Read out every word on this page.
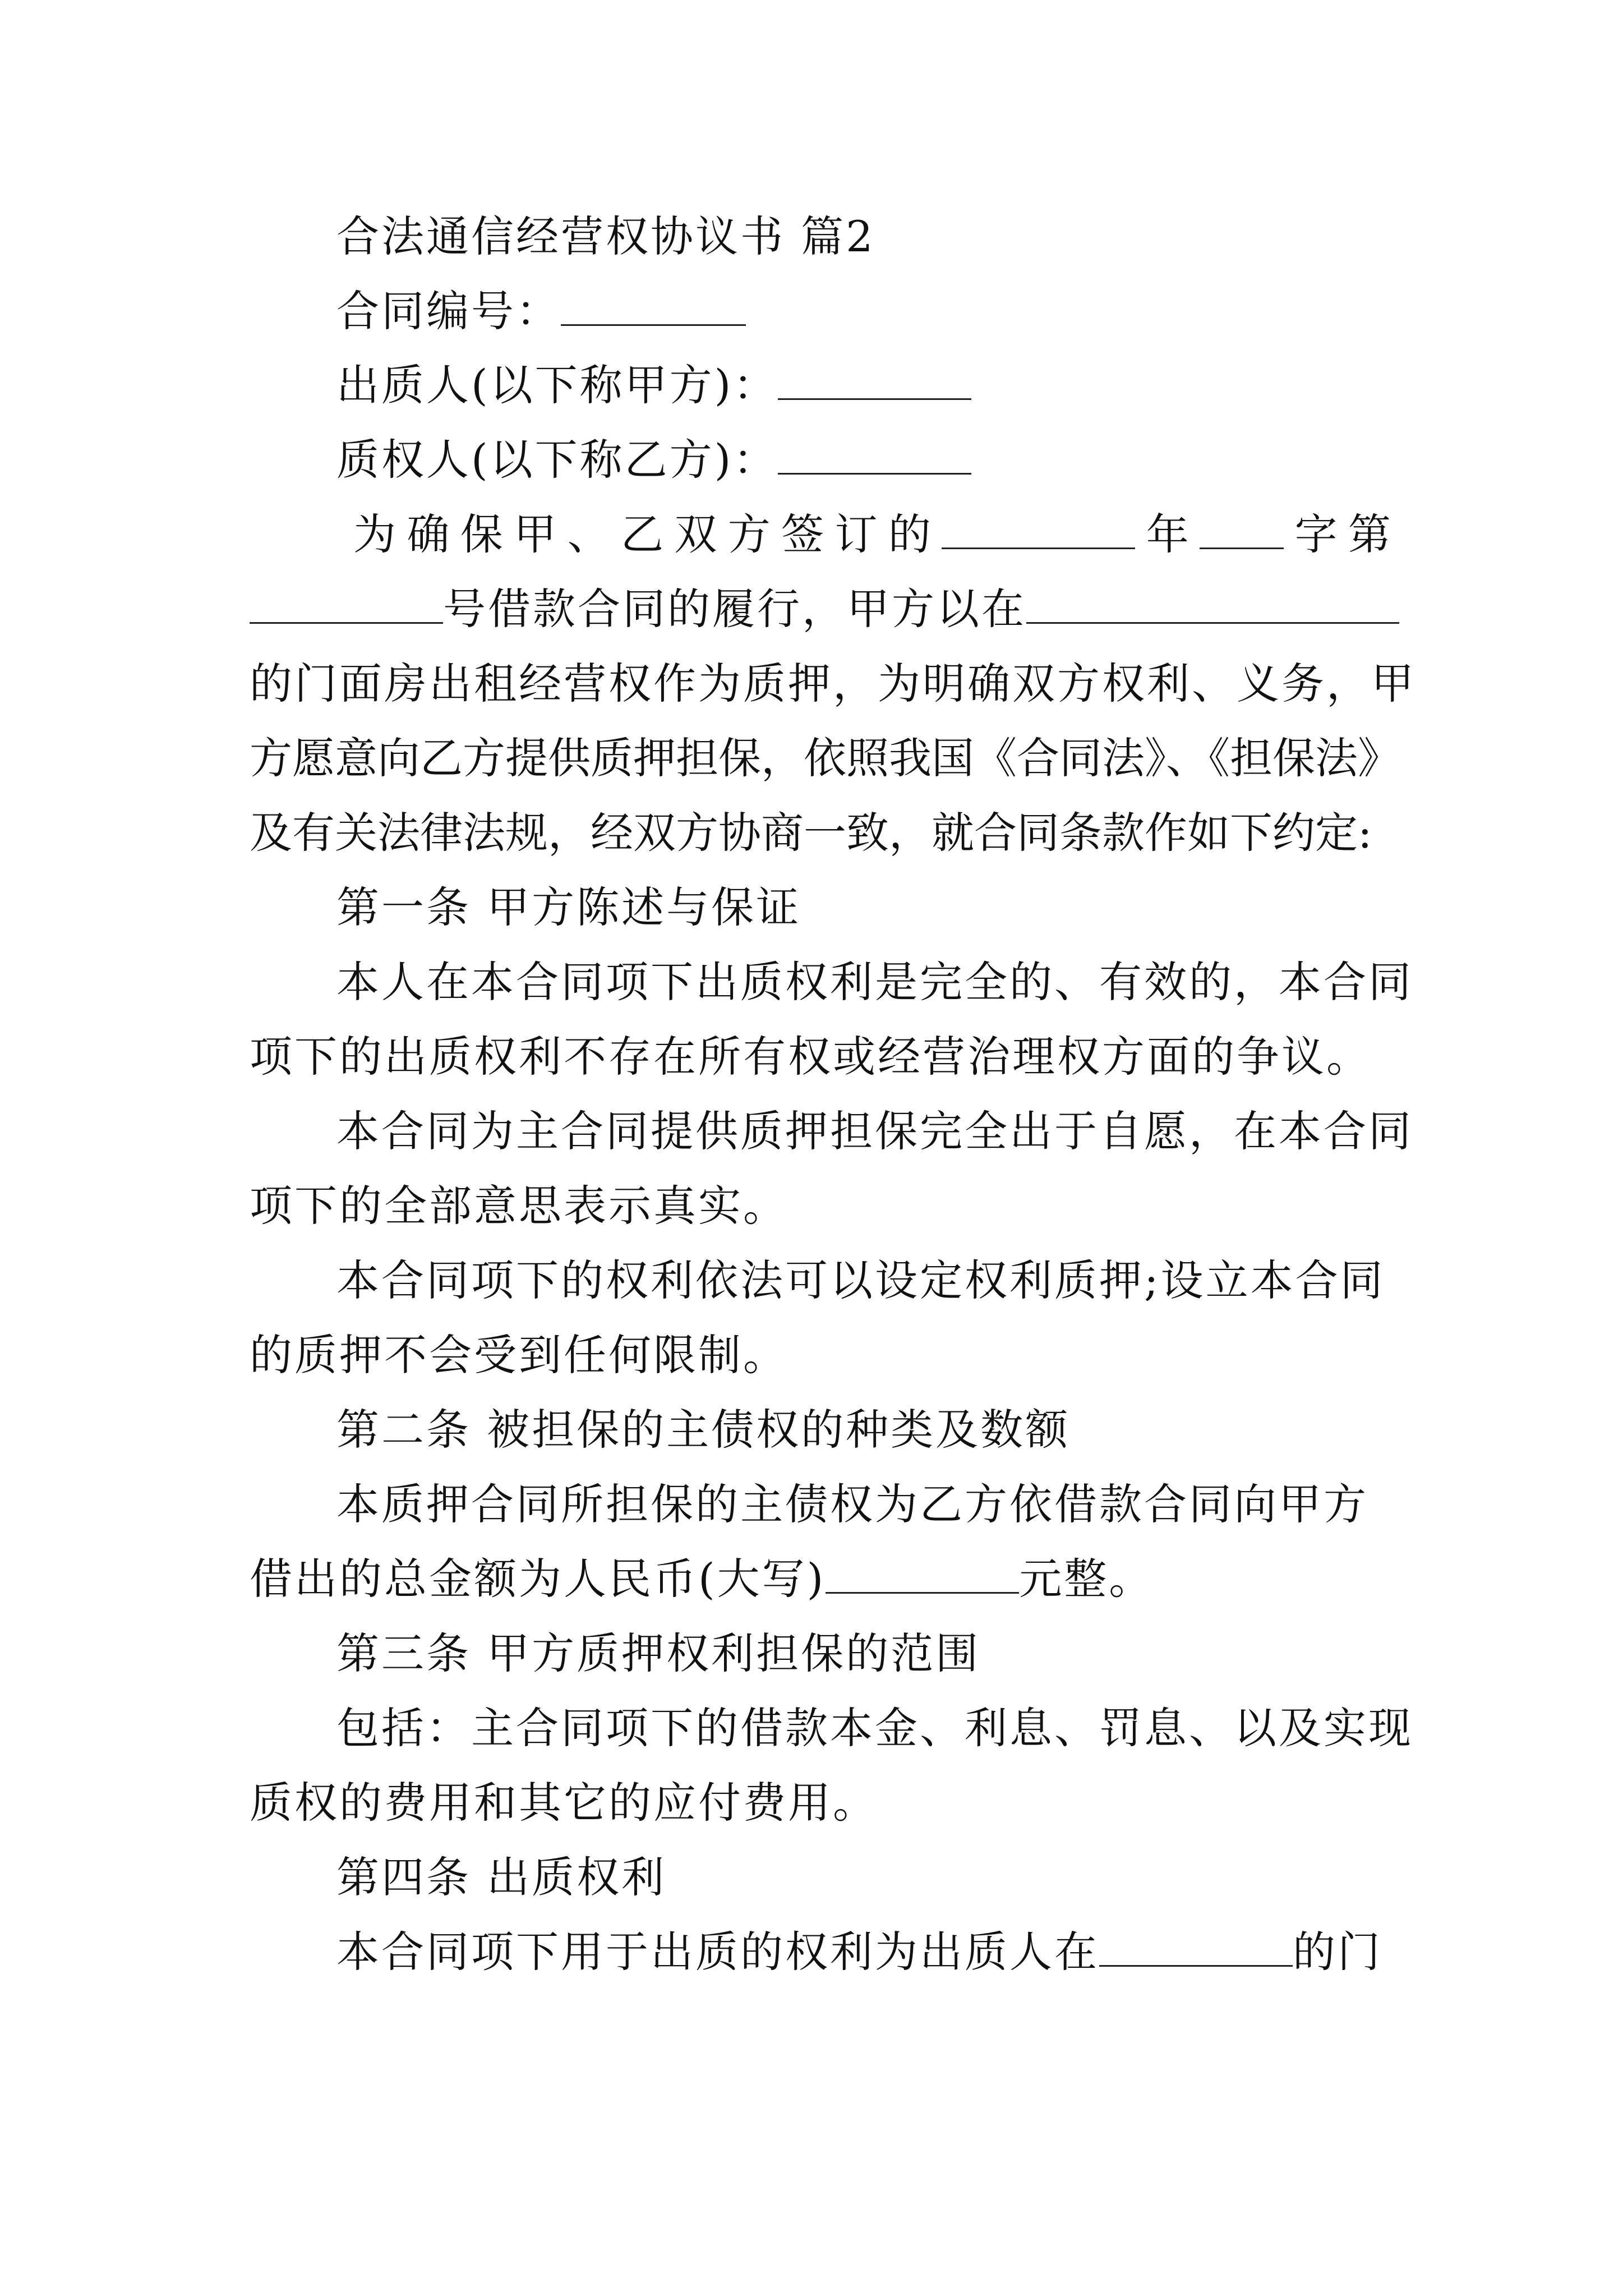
合法通信经营权协议书 篇2
合同编号：
出质人(以下称甲方)：
质权人(以下称乙方)：
为 确 保 甲 、 乙 双 方 签 订 的	年 字 第
号借款合同的履行，甲方以在
的门面房出租经营权作为质押，为明确双方权利、义务，甲
方愿意向乙方提供质押担保，依照我国《合同法》、《担保法》
及有关法律法规，经双方协商一致，就合同条款作如下约定:
第一条 甲方陈述与保证
本人在本合同项下出质权利是完全的、有效的，本合同
项下的出质权利不存在所有权或经营治理权方面的争议。
本合同为主合同提供质押担保完全出于自愿，在本合同
项下的全部意思表示真实。
本合同项下的权利依法可以设定权利质押;设立本合同
的质押不会受到任何限制。
第二条 被担保的主债权的种类及数额
本质押合同所担保的主债权为乙方依借款合同向甲方
借出的总金额为人民币(大写)	元整。
第三条 甲方质押权利担保的范围
包括：主合同项下的借款本金、利息、罚息、以及实现
质权的费用和其它的应付费用。
第四条 出质权利
本合同项下用于出质的权利为出质人在	的门
